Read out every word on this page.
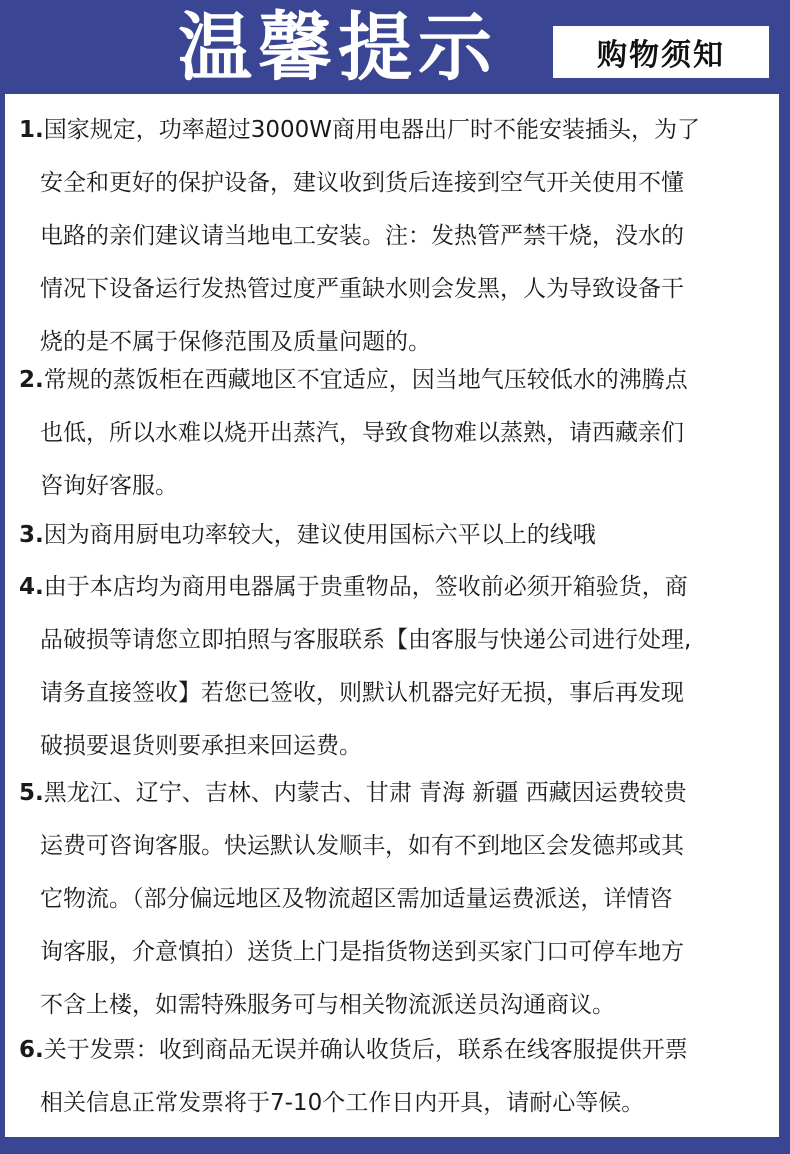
温馨提示	购物须知
1.国家规定，功率超过3000W商用电器出厂时不能安装插头，为了
安全和更好的保护设备，建议收到货后连接到空气开关使用不懂
电路的亲们建议请当地电工安装。注：发热管严禁干烧，没水的
情况下设备运行发热管过度严重缺水则会发黑，人为导致设备干
烧的是不属于保修范围及质量问题的。
2.常规的蒸饭柜在西藏地区不宜适应，因当地气压较低水的沸腾点
也低，所以水难以烧开出蒸汽，导致食物难以蒸熟，请西藏亲们
咨询好客服。
3.因为商用厨电功率较大，建议使用国标六平以上的线哦
4.由于本店均为商用电器属于贵重物品，签收前必须开箱验货，商
品破损等请您立即拍照与客服联系【由客服与快递公司进行处理,
请务直接签收】若您已签收，则默认机器完好无损，事后再发现
破损要退货则要承担来回运费。
5.黑龙江、辽宁、吉林、内蒙古、甘肃 青海 新疆 西藏因运费较贵
运费可咨询客服。快运默认发顺丰，如有不到地区会发德邦或其
它物流。（部分偏远地区及物流超区需加适量运费派送，详情咨
询客服，介意慎拍）送货上门是指货物送到买家门口可停车地方
不含上楼，如需特殊服务可与相关物流派送员沟通商议。
6.关于发票：收到商品无误并确认收货后，联系在线客服提供开票
相关信息正常发票将于7-10个工作日内开具，请耐心等候。
